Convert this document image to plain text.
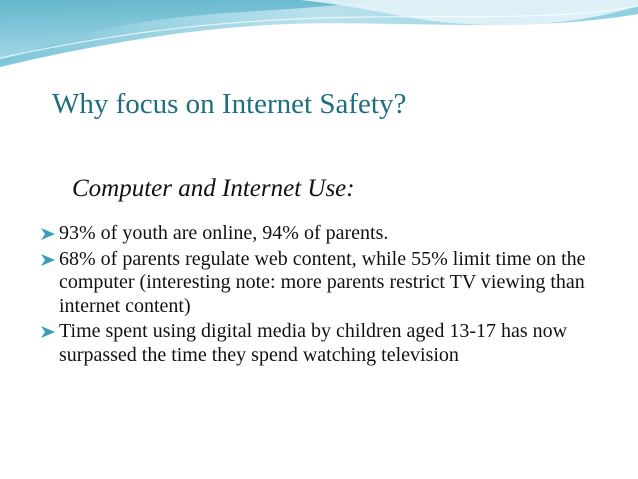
Why focus on Internet Safety?
Computer and Internet Use:
93% of youth are online, 94% of parents.
68% of parents regulate web content, while 55% limit time on the computer (interesting note: more parents restrict TV viewing than internet content)
Time spent using digital media by children aged 13-17 has now surpassed the time they spend watching television
